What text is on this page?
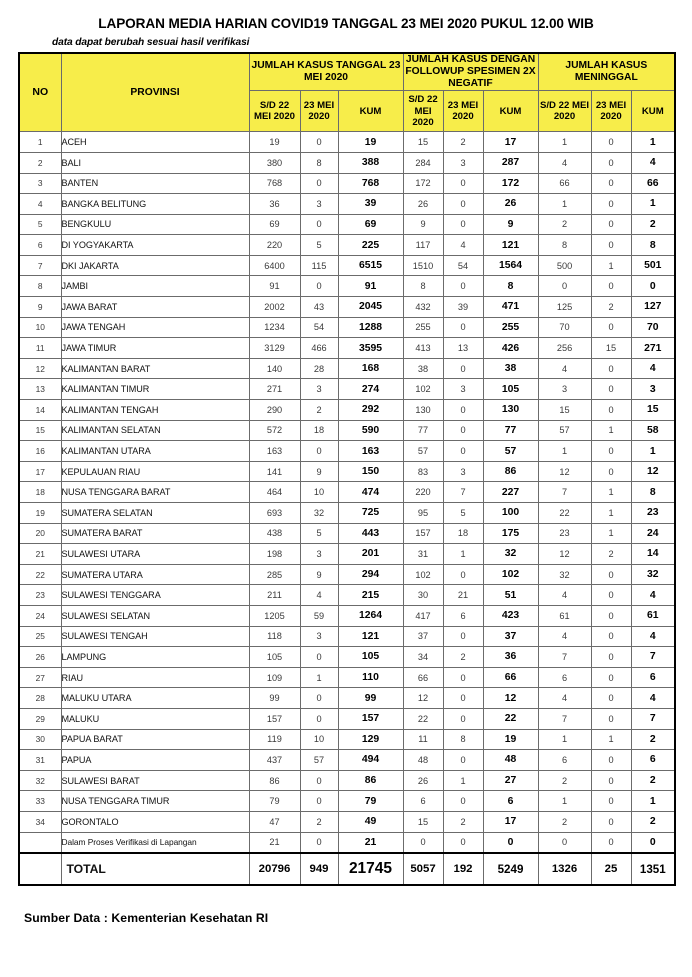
LAPORAN MEDIA HARIAN COVID19 TANGGAL 23 MEI 2020 PUKUL 12.00 WIB
data dapat berubah sesuai hasil verifikasi
NO	PROVINSI	JUMLAH KASUS TANGGAL 23 MEI 2020			JUMLAH KASUS DENGAN FOLLOWUP SPESIMEN 2X NEGATIF			JUMLAH KASUS MENINGGAL		
		S/D 22 MEI 2020	23 MEI 2020	KUM	S/D 22 MEI 2020	23 MEI 2020	KUM	S/D 22 MEI 2020	23 MEI 2020	KUM
1	ACEH	19	0	19	15	2	17	1	0	1
2	BALI	380	8	388	284	3	287	4	0	4
3	BANTEN	768	0	768	172	0	172	66	0	66
4	BANGKA BELITUNG	36	3	39	26	0	26	1	0	1
5	BENGKULU	69	0	69	9	0	9	2	0	2
6	DI YOGYAKARTA	220	5	225	117	4	121	8	0	8
7	DKI JAKARTA	6400	115	6515	1510	54	1564	500	1	501
8	JAMBI	91	0	91	8	0	8	0	0	0
9	JAWA BARAT	2002	43	2045	432	39	471	125	2	127
10	JAWA TENGAH	1234	54	1288	255	0	255	70	0	70
11	JAWA TIMUR	3129	466	3595	413	13	426	256	15	271
12	KALIMANTAN BARAT	140	28	168	38	0	38	4	0	4
13	KALIMANTAN TIMUR	271	3	274	102	3	105	3	0	3
14	KALIMANTAN TENGAH	290	2	292	130	0	130	15	0	15
15	KALIMANTAN SELATAN	572	18	590	77	0	77	57	1	58
16	KALIMANTAN UTARA	163	0	163	57	0	57	1	0	1
17	KEPULAUAN RIAU	141	9	150	83	3	86	12	0	12
18	NUSA TENGGARA BARAT	464	10	474	220	7	227	7	1	8
19	SUMATERA SELATAN	693	32	725	95	5	100	22	1	23
20	SUMATERA BARAT	438	5	443	157	18	175	23	1	24
21	SULAWESI UTARA	198	3	201	31	1	32	12	2	14
22	SUMATERA UTARA	285	9	294	102	0	102	32	0	32
23	SULAWESI TENGGARA	211	4	215	30	21	51	4	0	4
24	SULAWESI SELATAN	1205	59	1264	417	6	423	61	0	61
25	SULAWESI TENGAH	118	3	121	37	0	37	4	0	4
26	LAMPUNG	105	0	105	34	2	36	7	0	7
27	RIAU	109	1	110	66	0	66	6	0	6
28	MALUKU UTARA	99	0	99	12	0	12	4	0	4
29	MALUKU	157	0	157	22	0	22	7	0	7
30	PAPUA BARAT	119	10	129	11	8	19	1	1	2
31	PAPUA	437	57	494	48	0	48	6	0	6
32	SULAWESI BARAT	86	0	86	26	1	27	2	0	2
33	NUSA TENGGARA TIMUR	79	0	79	6	0	6	1	0	1
34	GORONTALO	47	2	49	15	2	17	2	0	2
	Dalam Proses Verifikasi di Lapangan	21	0	21	0	0	0	0	0	0
	TOTAL	20796	949	21745	5057	192	5249	1326	25	1351
Sumber Data : Kementerian Kesehatan RI
